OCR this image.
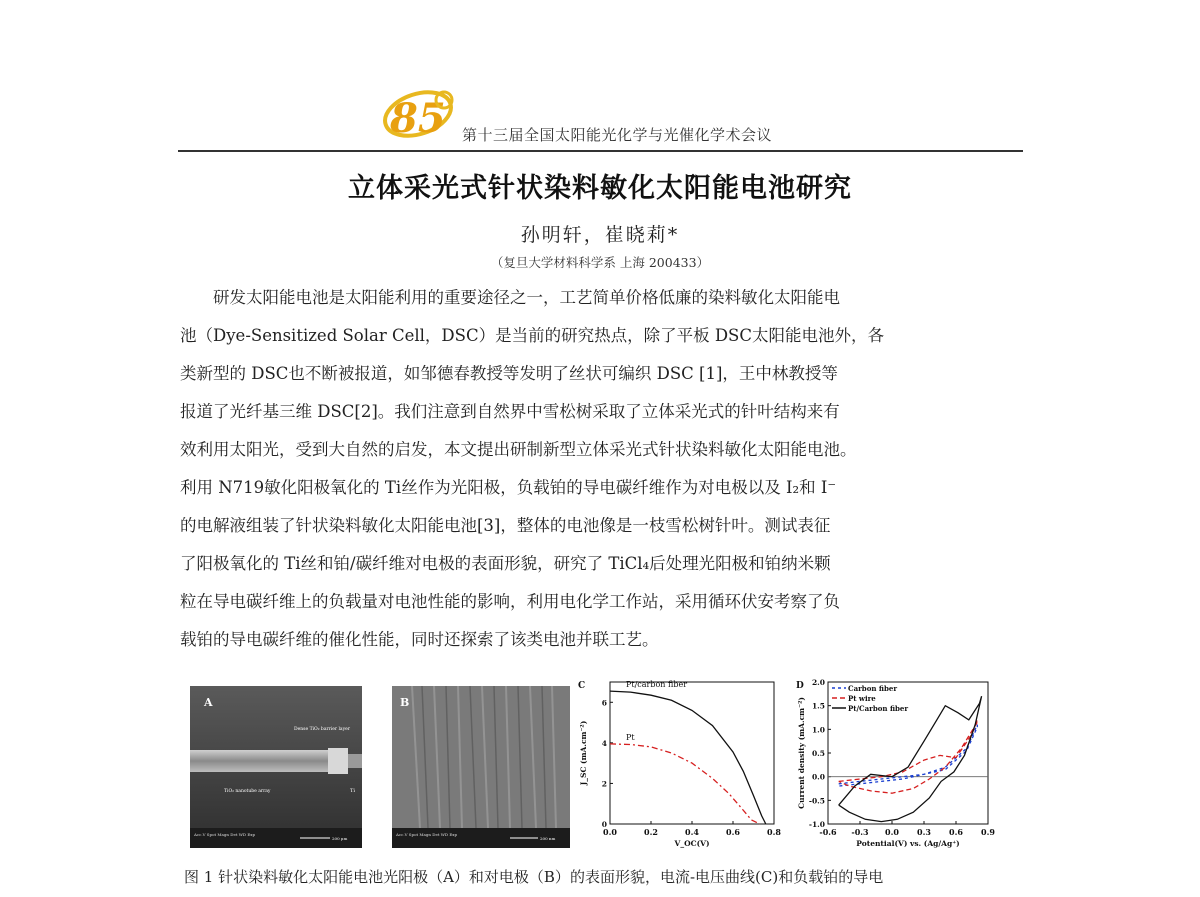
85 第十三届全国太阳能光化学与光催化学术会议
立体采光式针状染料敏化太阳能电池研究
孙明轩，崔晓莉*
（复旦大学材料科学系 上海 200433）
　　研发太阳能电池是太阳能利用的重要途径之一，工艺简单价格低廉的染料敏化太阳能电
池（Dye-Sensitized Solar Cell，DSC）是当前的研究热点，除了平板 DSC太阳能电池外，各
类新型的 DSC也不断被报道，如邹德春教授等发明了丝状可编织 DSC [1]，王中林教授等
报道了光纤基三维 DSC[2]。我们注意到自然界中雪松树采取了立体采光式的针叶结构来有
效利用太阳光，受到大自然的启发，本文提出研制新型立体采光式针状染料敏化太阳能电池。
利用 N719敏化阳极氧化的 Ti丝作为光阳极，负载铂的导电碳纤维作为对电极以及 I₂和 I⁻
的电解液组装了针状染料敏化太阳能电池[3]，整体的电池像是一枝雪松树针叶。测试表征
了阳极氧化的 Ti丝和铂/碳纤维对电极的表面形貌，研究了 TiCl₄后处理光阳极和铂纳米颗
粒在导电碳纤维上的负载量对电池性能的影响，利用电化学工作站，采用循环伏安考察了负
载铂的导电碳纤维的催化性能，同时还探索了该类电池并联工艺。
A
Dense TiO₂ barrier layer
TiO₂ nanotube array	Ti
Acc.V Spot Magn Det WD Exp
200 μm
B
Acc.V Spot Magn Det WD Exp
200 nm
C
0.0	0.2	0.4	0.6	0.8
0
2
4
6
V_OC(V)
J_SC (mA.cm⁻²)
Pt/carbon fiber
Pt
D
-0.6 -0.3 0.0 0.3 0.6 0.9
-1.0
-0.5
0.0
0.5
1.0
1.5
2.0
Potential(V) vs. (Ag/Ag⁺)
Current density (mA.cm⁻²)
Carbon fiber
Pt wire
Pt/Carbon fiber
图 1 针状染料敏化太阳能电池光阳极（A）和对电极（B）的表面形貌，电流-电压曲线(C)和负载铂的导电
